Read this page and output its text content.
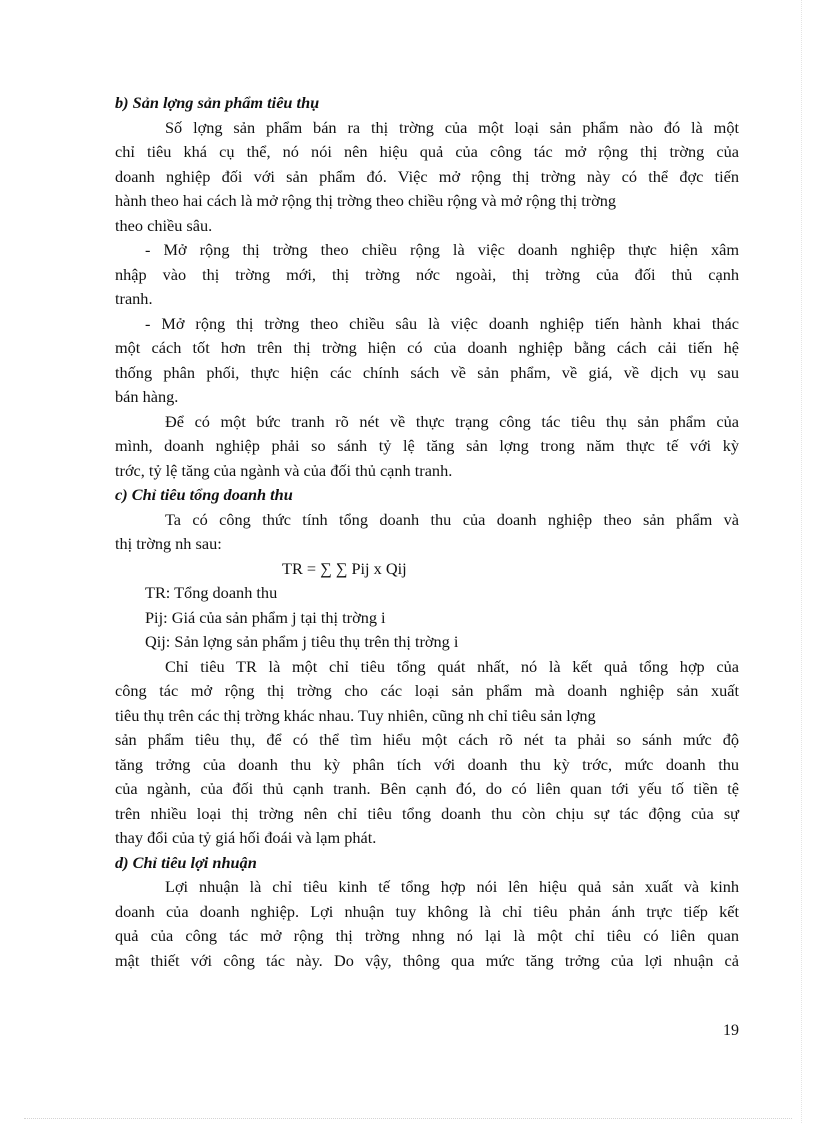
b) Sản lợng sản phẩm tiêu thụ
Số lợng sản phẩm bán ra thị trờng của một loại sản phẩm nào đó là một
chỉ tiêu khá cụ thể, nó nói nên hiệu quả của công tác mở rộng thị trờng của
doanh nghiệp đối với sản phẩm đó. Việc mở rộng thị trờng này có thể đợc tiến
hành theo hai cách là mở rộng thị trờng theo chiều rộng và mở rộng thị trờng
theo chiều sâu.
- Mở rộng thị trờng theo chiều rộng là việc doanh nghiệp thực hiện xâm
nhập vào thị trờng mới, thị trờng nớc ngoài, thị trờng của đối thủ cạnh
tranh.
- Mở rộng thị trờng theo chiều sâu là việc doanh nghiệp tiến hành khai thác
một cách tốt hơn trên thị trờng hiện có của doanh nghiệp bằng cách cải tiến hệ
thống phân phối, thực hiện các chính sách về sản phẩm, về giá, về dịch vụ sau
bán hàng.
Để có một bức tranh rõ nét về thực trạng công tác tiêu thụ sản phẩm của
mình, doanh nghiệp phải so sánh tỷ lệ tăng sản lợng trong năm thực tế với kỳ
trớc, tỷ lệ tăng của ngành và của đối thủ cạnh tranh.
c) Chỉ tiêu tổng doanh thu
Ta có công thức tính tổng doanh thu của doanh nghiệp theo sản phẩm và
thị trờng nh sau:
TR = ∑ ∑ Pij x Qij
TR: Tổng doanh thu
Pij: Giá của sản phẩm j tại thị trờng i
Qij: Sản lợng sản phẩm j tiêu thụ trên thị trờng i
Chỉ tiêu TR là một chỉ tiêu tổng quát nhất, nó là kết quả tổng hợp của
công tác mở rộng thị trờng cho các loại sản phẩm mà doanh nghiệp sản xuất
tiêu thụ trên các thị trờng khác nhau. Tuy nhiên, cũng nh chỉ tiêu sản lợng
sản phẩm tiêu thụ, để có thể tìm hiểu một cách rõ nét ta phải so sánh mức độ
tăng trởng của doanh thu kỳ phân tích với doanh thu kỳ trớc, mức doanh thu
của ngành, của đối thủ cạnh tranh. Bên cạnh đó, do có liên quan tới yếu tố tiền tệ
trên nhiều loại thị trờng nên chỉ tiêu tổng doanh thu còn chịu sự tác động của sự
thay đổi của tỷ giá hối đoái và lạm phát.
d) Chỉ tiêu lợi nhuận
Lợi nhuận là chỉ tiêu kinh tế tổng hợp nói lên hiệu quả sản xuất và kinh
doanh của doanh nghiệp. Lợi nhuận tuy không là chỉ tiêu phản ánh trực tiếp kết
quả của công tác mở rộng thị trờng nhng nó lại là một chỉ tiêu có liên quan
mật thiết với công tác này. Do vậy, thông qua mức tăng trởng của lợi nhuận cả
19
